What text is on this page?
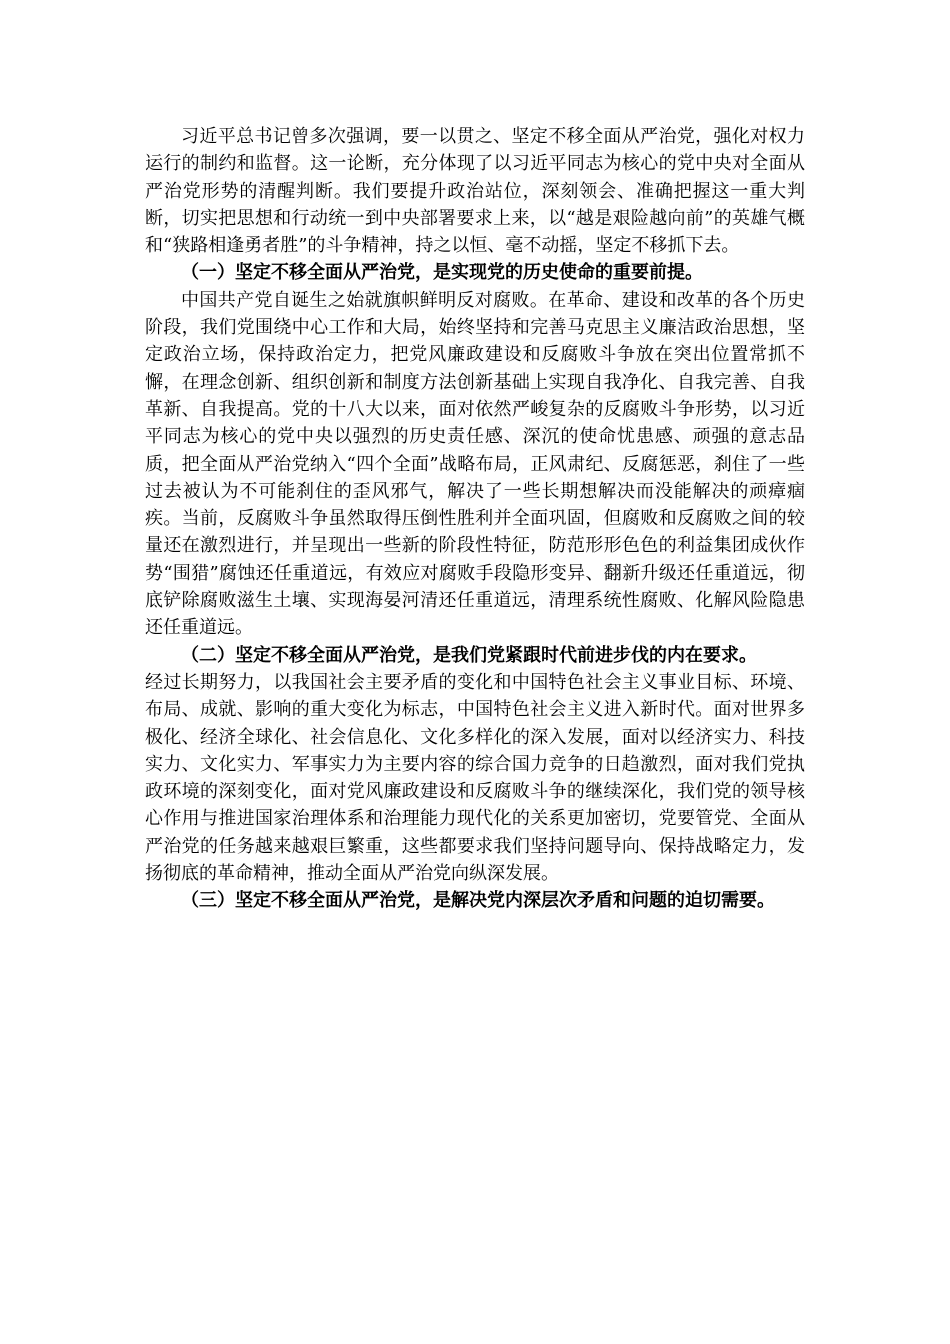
习近平总书记曾多次强调，要一以贯之、坚定不移全面从严治党，强化对权力运行的制约和监督。这一论断，充分体现了以习近平同志为核心的党中央对全面从严治党形势的清醒判断。我们要提升政治站位，深刻领会、准确把握这一重大判断，切实把思想和行动统一到中央部署要求上来，以“越是艰险越向前”的英雄气概和“狭路相逢勇者胜”的斗争精神，持之以恒、毫不动摇，坚定不移抓下去。

（一）坚定不移全面从严治党，是实现党的历史使命的重要前提。

中国共产党自诞生之始就旗帜鲜明反对腐败。在革命、建设和改革的各个历史阶段，我们党围绕中心工作和大局，始终坚持和完善马克思主义廉洁政治思想，坚定政治立场，保持政治定力，把党风廉政建设和反腐败斗争放在突出位置常抓不懈，在理念创新、组织创新和制度方法创新基础上实现自我净化、自我完善、自我革新、自我提高。党的十八大以来，面对依然严峻复杂的反腐败斗争形势，以习近平同志为核心的党中央以强烈的历史责任感、深沉的使命忧患感、顽强的意志品质，把全面从严治党纳入“四个全面”战略布局，正风肃纪、反腐惩恶，刹住了一些过去被认为不可能刹住的歪风邪气，解决了一些长期想解决而没能解决的顽瘴痼疾。当前，反腐败斗争虽然取得压倒性胜利并全面巩固，但腐败和反腐败之间的较量还在激烈进行，并呈现出一些新的阶段性特征，防范形形色色的利益集团成伙作势“围猎”腐蚀还任重道远，有效应对腐败手段隐形变异、翻新升级还任重道远，彻底铲除腐败滋生土壤、实现海晏河清还任重道远，清理系统性腐败、化解风险隐患还任重道远。

（二）坚定不移全面从严治党，是我们党紧跟时代前进步伐的内在要求。

经过长期努力，以我国社会主要矛盾的变化和中国特色社会主义事业目标、环境、布局、成就、影响的重大变化为标志，中国特色社会主义进入新时代。面对世界多极化、经济全球化、社会信息化、文化多样化的深入发展，面对以经济实力、科技实力、文化实力、军事实力为主要内容的综合国力竞争的日趋激烈，面对我们党执政环境的深刻变化，面对党风廉政建设和反腐败斗争的继续深化，我们党的领导核心作用与推进国家治理体系和治理能力现代化的关系更加密切，党要管党、全面从严治党的任务越来越艰巨繁重，这些都要求我们坚持问题导向、保持战略定力，发扬彻底的革命精神，推动全面从严治党向纵深发展。

（三）坚定不移全面从严治党，是解决党内深层次矛盾和问题的迫切需要。
